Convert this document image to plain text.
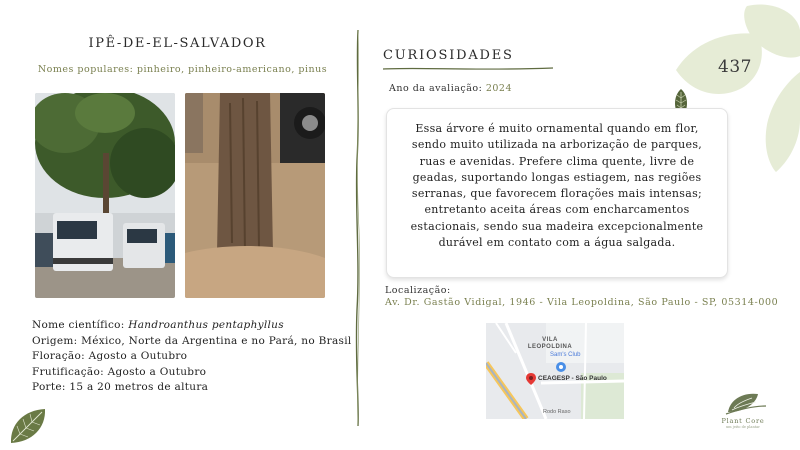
IPÊ-DE-EL-SALVADOR
Nomes populares: pinheiro, pinheiro-americano, pinus
Nome científico: Handroanthus pentaphyllus
Origem: México, Norte da Argentina e no Pará, no Brasil
Floração: Agosto a Outubro
Frutificação: Agosto a Outubro
Porte: 15 a 20 metros de altura
CURIOSIDADES
Ano da avaliação: 2024
Essa árvore é muito ornamental quando em flor, sendo muito utilizada na arborização de parques, ruas e avenidas. Prefere clima quente, livre de geadas, suportando longas estiagem, nas regiões serranas, que favorecem florações mais intensas; entretanto aceita áreas com encharcamentos estacionais, sendo sua madeira excepcionalmente durável em contato com a água salgada.
Localização:
Av. Dr. Gastão Vidigal, 1946 - Vila Leopoldina, São Paulo - SP, 05314-000
VILA LEOPOLDINA
Sam's Club
CEAGESP - São Paulo
Rodo Raso
437
Plant Core
um jeito de plantar
